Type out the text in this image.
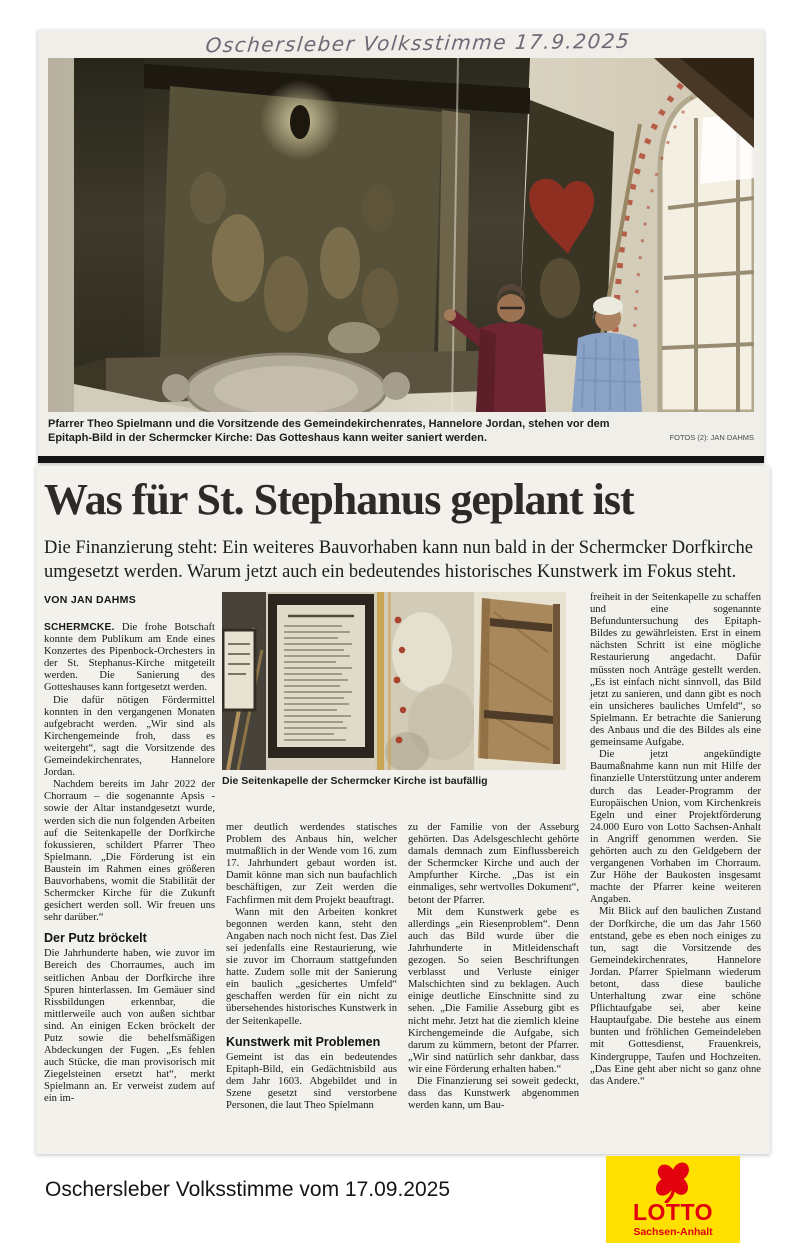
Oschersleber Volksstimme 17.9.2025
Pfarrer Theo Spielmann und die Vorsitzende des Gemeindekirchenrates, Hannelore Jordan, stehen vor dem Epitaph-Bild in der Schermcker Kirche: Das Gotteshaus kann weiter saniert werden.	FOTOS (2): JAN DAHMS
Was für St. Stephanus geplant ist
Die Finanzierung steht: Ein weiteres Bauvorhaben kann nun bald in der Schermcker Dorfkirche umgesetzt werden. Warum jetzt auch ein bedeutendes historisches Kunstwerk im Fokus steht.
VON JAN DAHMS

SCHERMCKE. Die frohe Botschaft konnte dem Publikum am Ende eines Konzertes des Pipenbock-Orchesters in der St. Stephanus-Kirche mitgeteilt werden. Die Sanierung des Gotteshauses kann fortgesetzt werden.

Die dafür nötigen Fördermittel konnten in den vergangenen Monaten aufgebracht werden. „Wir sind als Kirchengemeinde froh, dass es weitergeht“, sagt die Vorsitzende des Gemeindekirchenrates, Hannelore Jordan.

Nachdem bereits im Jahr 2022 der Chorraum – die sogenannte Apsis - sowie der Altar instandgesetzt wurde, werden sich die nun folgenden Arbeiten auf die Seitenkapelle der Dorfkirche fokussieren, schildert Pfarrer Theo Spielmann. „Die Förderung ist ein Baustein im Rahmen eines größeren Bauvorhabens, womit die Stabilität der Schermcker Kirche für die Zukunft gesichert werden soll. Wir freuen uns sehr darüber.“

Der Putz bröckelt

Die Jahrhunderte haben, wie zuvor im Bereich des Chorraumes, auch im seitlichen Anbau der Dorfkirche ihre Spuren hinterlassen. Im Gemäuer sind Rissbildungen erkennbar, die mittlerweile auch von außen sichtbar sind. An einigen Ecken bröckelt der Putz sowie die behelfsmäßigen Abdeckungen der Fugen. „Es fehlen auch Stücke, die man provisorisch mit Ziegelsteinen ersetzt hat“, merkt Spielmann an. Er verweist zudem auf ein im-

mer deutlich werdendes statisches Problem des Anbaus hin, welcher mutmaßlich in der Wende vom 16. zum 17. Jahrhundert gebaut worden ist. Damit könne man sich nun baufachlich beschäftigen, zur Zeit werden die Fachfirmen mit dem Projekt beauftragt.

Wann mit den Arbeiten konkret begonnen werden kann, steht den Angaben nach noch nicht fest. Das Ziel sei jedenfalls eine Restaurierung, wie sie zuvor im Chorraum stattgefunden hatte. Zudem solle mit der Sanierung ein baulich „gesichertes Umfeld“ geschaffen werden für ein nicht zu übersehendes historisches Kunstwerk in der Seitenkapelle.

Kunstwerk mit Problemen

Gemeint ist das ein bedeutendes Epitaph-Bild, ein Gedächtnisbild aus dem Jahr 1603. Abgebildet und in Szene gesetzt sind verstorbene Personen, die laut Theo Spielmann

zu der Familie von der Asseburg gehörten. Das Adelsgeschlecht gehörte damals demnach zum Einflussbereich der Schermcker Kirche und auch der Ampfurther Kirche. „Das ist ein einmaliges, sehr wertvolles Dokument“, betont der Pfarrer.

Mit dem Kunstwerk gebe es allerdings „ein Riesenproblem“. Denn auch das Bild wurde über die Jahrhunderte in Mitleidenschaft gezogen. So seien Beschriftungen verblasst und Verluste einiger Malschichten sind zu beklagen. Auch einige deutliche Einschnitte sind zu sehen. „Die Familie Asseburg gibt es nicht mehr. Jetzt hat die ziemlich kleine Kirchengemeinde die Aufgabe, sich darum zu kümmern, betont der Pfarrer. „Wir sind natürlich sehr dankbar, dass wir eine Förderung erhalten haben.“

Die Finanzierung sei soweit gedeckt, dass das Kunstwerk abgenommen werden kann, um Bau-

freiheit in der Seitenkapelle zu schaffen und eine sogenannte Befunduntersuchung des Epitaph-Bildes zu gewährleisten. Erst in einem nächsten Schritt ist eine mögliche Restaurierung angedacht. Dafür müssten noch Anträge gestellt werden. „Es ist einfach nicht sinnvoll, das Bild jetzt zu sanieren, und dann gibt es noch ein unsicheres bauliches Umfeld“, so Spielmann. Er betrachte die Sanierung des Anbaus und die des Bildes als eine gemeinsame Aufgabe.

Die jetzt angekündigte Baumaßnahme kann nun mit Hilfe der finanzielle Unterstützung unter anderem durch das Leader-Programm der Europäischen Union, vom Kirchenkreis Egeln und einer Projektförderung 24.000 Euro von Lotto Sachsen-Anhalt in Angriff genommen werden. Sie gehörten auch zu den Geldgebern der vergangenen Vorhaben im Chorraum. Zur Höhe der Baukosten insgesamt machte der Pfarrer keine weiteren Angaben.

Mit Blick auf den baulichen Zustand der Dorfkirche, die um das Jahr 1560 entstand, gebe es eben noch einiges zu tun, sagt die Vorsitzende des Gemeindekirchenrates, Hannelore Jordan. Pfarrer Spielmann wiederum betont, dass diese bauliche Unterhaltung zwar eine schöne Pflichtaufgabe sei, aber keine Hauptaufgabe. Die bestehe aus einem bunten und fröhlichen Gemeindeleben mit Gottesdienst, Frauenkreis, Kindergruppe, Taufen und Hochzeiten. „Das Eine geht aber nicht so ganz ohne das Andere.“

Die Seitenkapelle der Schermcker Kirche ist baufällig
Oschersleber Volksstimme vom 17.09.2025
LOTTO
Sachsen-Anhalt
